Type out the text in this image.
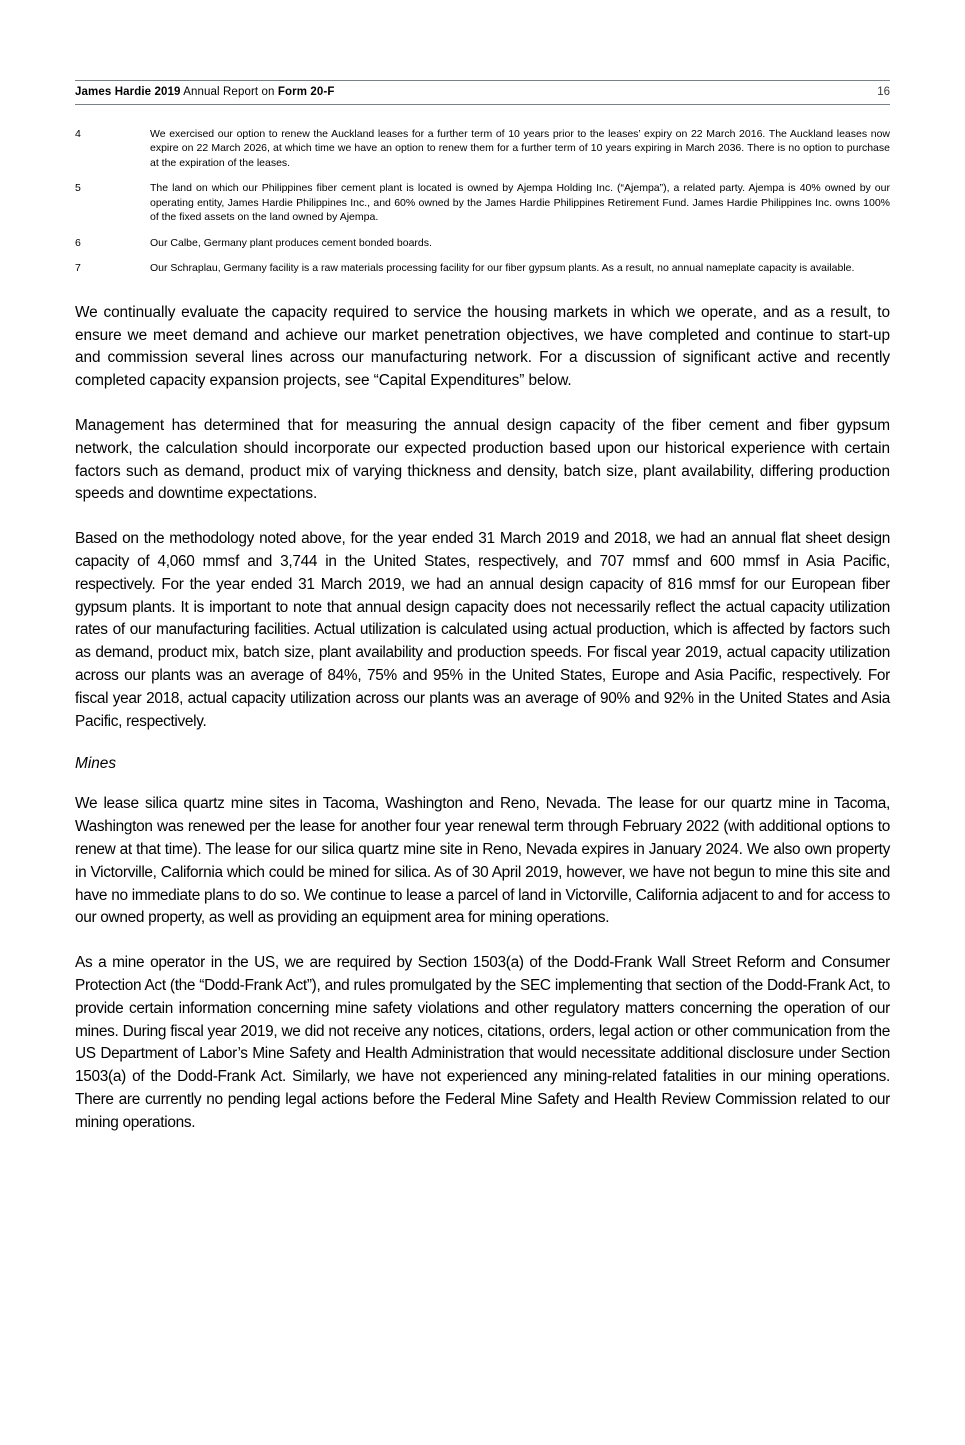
James Hardie 2019 Annual Report on Form 20-F	16
4	We exercised our option to renew the Auckland leases for a further term of 10 years prior to the leases’ expiry on 22 March 2016. The Auckland leases now expire on 22 March 2026, at which time we have an option to renew them for a further term of 10 years expiring in March 2036. There is no option to purchase at the expiration of the leases.
5	The land on which our Philippines fiber cement plant is located is owned by Ajempa Holding Inc. (“Ajempa”), a related party. Ajempa is 40% owned by our operating entity, James Hardie Philippines Inc., and 60% owned by the James Hardie Philippines Retirement Fund. James Hardie Philippines Inc. owns 100% of the fixed assets on the land owned by Ajempa.
6	Our Calbe, Germany plant produces cement bonded boards.
7	Our Schraplau, Germany facility is a raw materials processing facility for our fiber gypsum plants. As a result, no annual nameplate capacity is available.

We continually evaluate the capacity required to service the housing markets in which we operate, and as a result, to ensure we meet demand and achieve our market penetration objectives, we have completed and continue to start-up and commission several lines across our manufacturing network. For a discussion of significant active and recently completed capacity expansion projects, see “Capital Expenditures” below.

Management has determined that for measuring the annual design capacity of the fiber cement and fiber gypsum network, the calculation should incorporate our expected production based upon our historical experience with certain factors such as demand, product mix of varying thickness and density, batch size, plant availability, differing production speeds and downtime expectations.

Based on the methodology noted above, for the year ended 31 March 2019 and 2018, we had an annual flat sheet design capacity of 4,060 mmsf and 3,744 in the United States, respectively, and 707 mmsf and 600 mmsf in Asia Pacific, respectively. For the year ended 31 March 2019, we had an annual design capacity of 816 mmsf for our European fiber gypsum plants. It is important to note that annual design capacity does not necessarily reflect the actual capacity utilization rates of our manufacturing facilities. Actual utilization is calculated using actual production, which is affected by factors such as demand, product mix, batch size, plant availability and production speeds. For fiscal year 2019, actual capacity utilization across our plants was an average of 84%, 75% and 95% in the United States, Europe and Asia Pacific, respectively. For fiscal year 2018, actual capacity utilization across our plants was an average of 90% and 92% in the United States and Asia Pacific, respectively.

Mines

We lease silica quartz mine sites in Tacoma, Washington and Reno, Nevada. The lease for our quartz mine in Tacoma, Washington was renewed per the lease for another four year renewal term through February 2022 (with additional options to renew at that time). The lease for our silica quartz mine site in Reno, Nevada expires in January 2024. We also own property in Victorville, California which could be mined for silica. As of 30 April 2019, however, we have not begun to mine this site and have no immediate plans to do so. We continue to lease a parcel of land in Victorville, California adjacent to and for access to our owned property, as well as providing an equipment area for mining operations.

As a mine operator in the US, we are required by Section 1503(a) of the Dodd-Frank Wall Street Reform and Consumer Protection Act (the “Dodd-Frank Act”), and rules promulgated by the SEC implementing that section of the Dodd-Frank Act, to provide certain information concerning mine safety violations and other regulatory matters concerning the operation of our mines. During fiscal year 2019, we did not receive any notices, citations, orders, legal action or other communication from the US Department of Labor’s Mine Safety and Health Administration that would necessitate additional disclosure under Section 1503(a) of the Dodd-Frank Act. Similarly, we have not experienced any mining-related fatalities in our mining operations. There are currently no pending legal actions before the Federal Mine Safety and Health Review Commission related to our mining operations.
